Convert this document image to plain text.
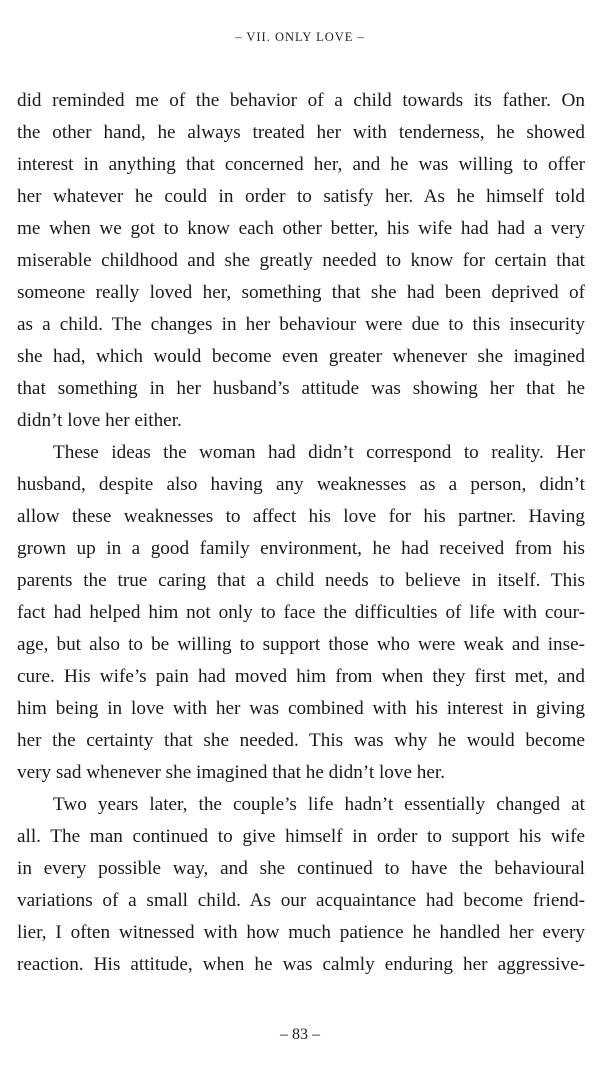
– VII. ONLY LOVE –
did reminded me of the behavior of a child towards its father. On
the other hand, he always treated her with tenderness, he showed
interest in anything that concerned her, and he was willing to offer
her whatever he could in order to satisfy her. As he himself told
me when we got to know each other better, his wife had had a very
miserable childhood and she greatly needed to know for certain that
someone really loved her, something that she had been deprived of
as a child. The changes in her behaviour were due to this insecurity
she had, which would become even greater whenever she imagined
that something in her husband’s attitude was showing her that he
didn’t love her either.
These ideas the woman had didn’t correspond to reality. Her
husband, despite also having any weaknesses as a person, didn’t
allow these weaknesses to affect his love for his partner. Having
grown up in a good family environment, he had received from his
parents the true caring that a child needs to believe in itself. This
fact had helped him not only to face the difficulties of life with cour-
age, but also to be willing to support those who were weak and inse-
cure. His wife’s pain had moved him from when they first met, and
him being in love with her was combined with his interest in giving
her the certainty that she needed. This was why he would become
very sad whenever she imagined that he didn’t love her.
Two years later, the couple’s life hadn’t essentially changed at
all. The man continued to give himself in order to support his wife
in every possible way, and she continued to have the behavioural
variations of a small child. As our acquaintance had become friend-
lier, I often witnessed with how much patience he handled her every
reaction. His attitude, when he was calmly enduring her aggressive-
– 83 –
